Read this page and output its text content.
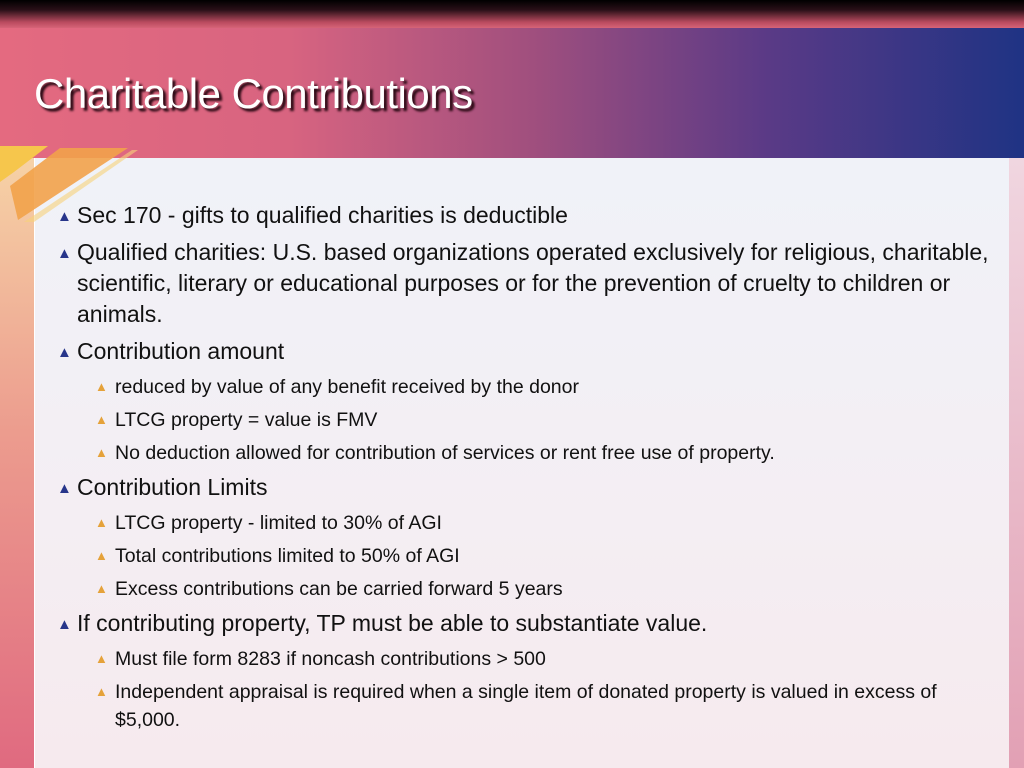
Charitable Contributions
▲ Sec 170 - gifts to qualified charities is deductible
▲ Qualified charities: U.S. based organizations operated exclusively for religious, charitable, scientific, literary or educational purposes or for the prevention of cruelty to children or animals.
▲ Contribution amount
▲ reduced by value of any benefit received by the donor
▲ LTCG property = value is FMV
▲ No deduction allowed for contribution of services or rent free use of property.
▲ Contribution Limits
▲ LTCG property - limited to 30% of AGI
▲ Total contributions limited to 50% of AGI
▲ Excess contributions can be carried forward 5 years
▲ If contributing property, TP must be able to substantiate value.
▲ Must file form 8283 if noncash contributions > 500
▲ Independent appraisal is required when a single item of donated property is valued in excess of $5,000.
